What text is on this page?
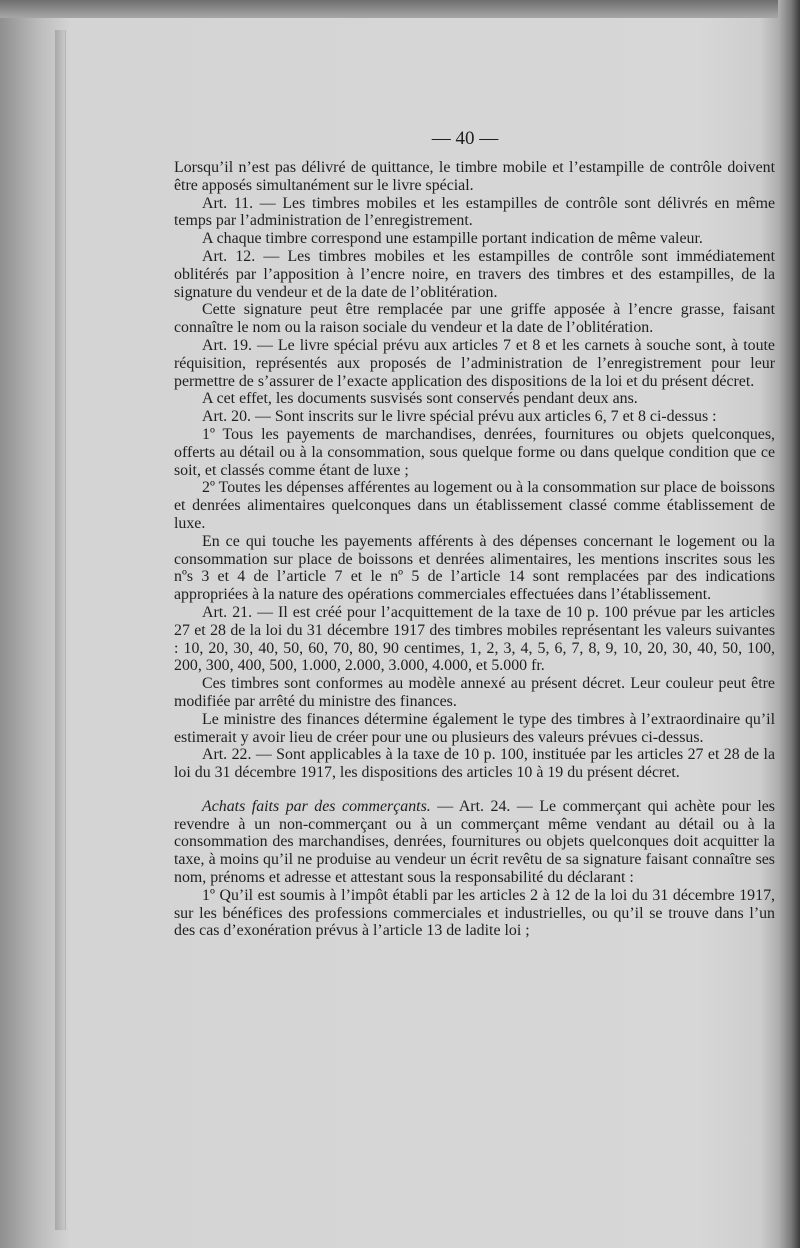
— 40 —

Lorsqu’il n’est pas délivré de quittance, le timbre mobile et l’estampille de contrôle doivent être apposés simultanément sur le livre spécial.

Art. 11. — Les timbres mobiles et les estampilles de contrôle sont délivrés en même temps par l’administration de l’enregistrement.

A chaque timbre correspond une estampille portant indication de même valeur.

Art. 12. — Les timbres mobiles et les estampilles de contrôle sont immédiatement oblitérés par l’apposition à l’encre noire, en travers des timbres et des estampilles, de la signature du vendeur et de la date de l’oblitération.

Cette signature peut être remplacée par une griffe apposée à l’encre grasse, faisant connaître le nom ou la raison sociale du vendeur et la date de l’oblitération.

Art. 19. — Le livre spécial prévu aux articles 7 et 8 et les carnets à souche sont, à toute réquisition, représentés aux proposés de l’administration de l’enregistrement pour leur permettre de s’assurer de l’exacte application des dispositions de la loi et du présent décret.

A cet effet, les documents susvisés sont conservés pendant deux ans.

Art. 20. — Sont inscrits sur le livre spécial prévu aux articles 6, 7 et 8 ci-dessus :

1º Tous les payements de marchandises, denrées, fournitures ou objets quelconques, offerts au détail ou à la consommation, sous quelque forme ou dans quelque condition que ce soit, et classés comme étant de luxe ;

2º Toutes les dépenses afférentes au logement ou à la consommation sur place de boissons et denrées alimentaires quelconques dans un établissement classé comme établissement de luxe.

En ce qui touche les payements afférents à des dépenses concernant le logement ou la consommation sur place de boissons et denrées alimentaires, les mentions inscrites sous les nºs 3 et 4 de l’article 7 et le nº 5 de l’article 14 sont remplacées par des indications appropriées à la nature des opérations commerciales effectuées dans l’établissement.

Art. 21. — Il est créé pour l’acquittement de la taxe de 10 p. 100 prévue par les articles 27 et 28 de la loi du 31 décembre 1917 des timbres mobiles représentant les valeurs suivantes : 10, 20, 30, 40, 50, 60, 70, 80, 90 centimes, 1, 2, 3, 4, 5, 6, 7, 8, 9, 10, 20, 30, 40, 50, 100, 200, 300, 400, 500, 1.000, 2.000, 3.000, 4.000, et 5.000 fr.

Ces timbres sont conformes au modèle annexé au présent décret. Leur couleur peut être modifiée par arrêté du ministre des finances.

Le ministre des finances détermine également le type des timbres à l’extraordinaire qu’il estimerait y avoir lieu de créer pour une ou plusieurs des valeurs prévues ci-dessus.

Art. 22. — Sont applicables à la taxe de 10 p. 100, instituée par les articles 27 et 28 de la loi du 31 décembre 1917, les dispositions des articles 10 à 19 du présent décret.

Achats faits par des commerçants. — Art. 24. — Le commerçant qui achète pour les revendre à un non-commerçant ou à un commerçant même vendant au détail ou à la consommation des marchandises, denrées, fournitures ou objets quelconques doit acquitter la taxe, à moins qu’il ne produise au vendeur un écrit revêtu de sa signature faisant connaître ses nom, prénoms et adresse et attestant sous la responsabilité du déclarant :

1º Qu’il est soumis à l’impôt établi par les articles 2 à 12 de la loi du 31 décembre 1917, sur les bénéfices des professions commerciales et industrielles, ou qu’il se trouve dans l’un des cas d’exonération prévus à l’article 13 de ladite loi ;
